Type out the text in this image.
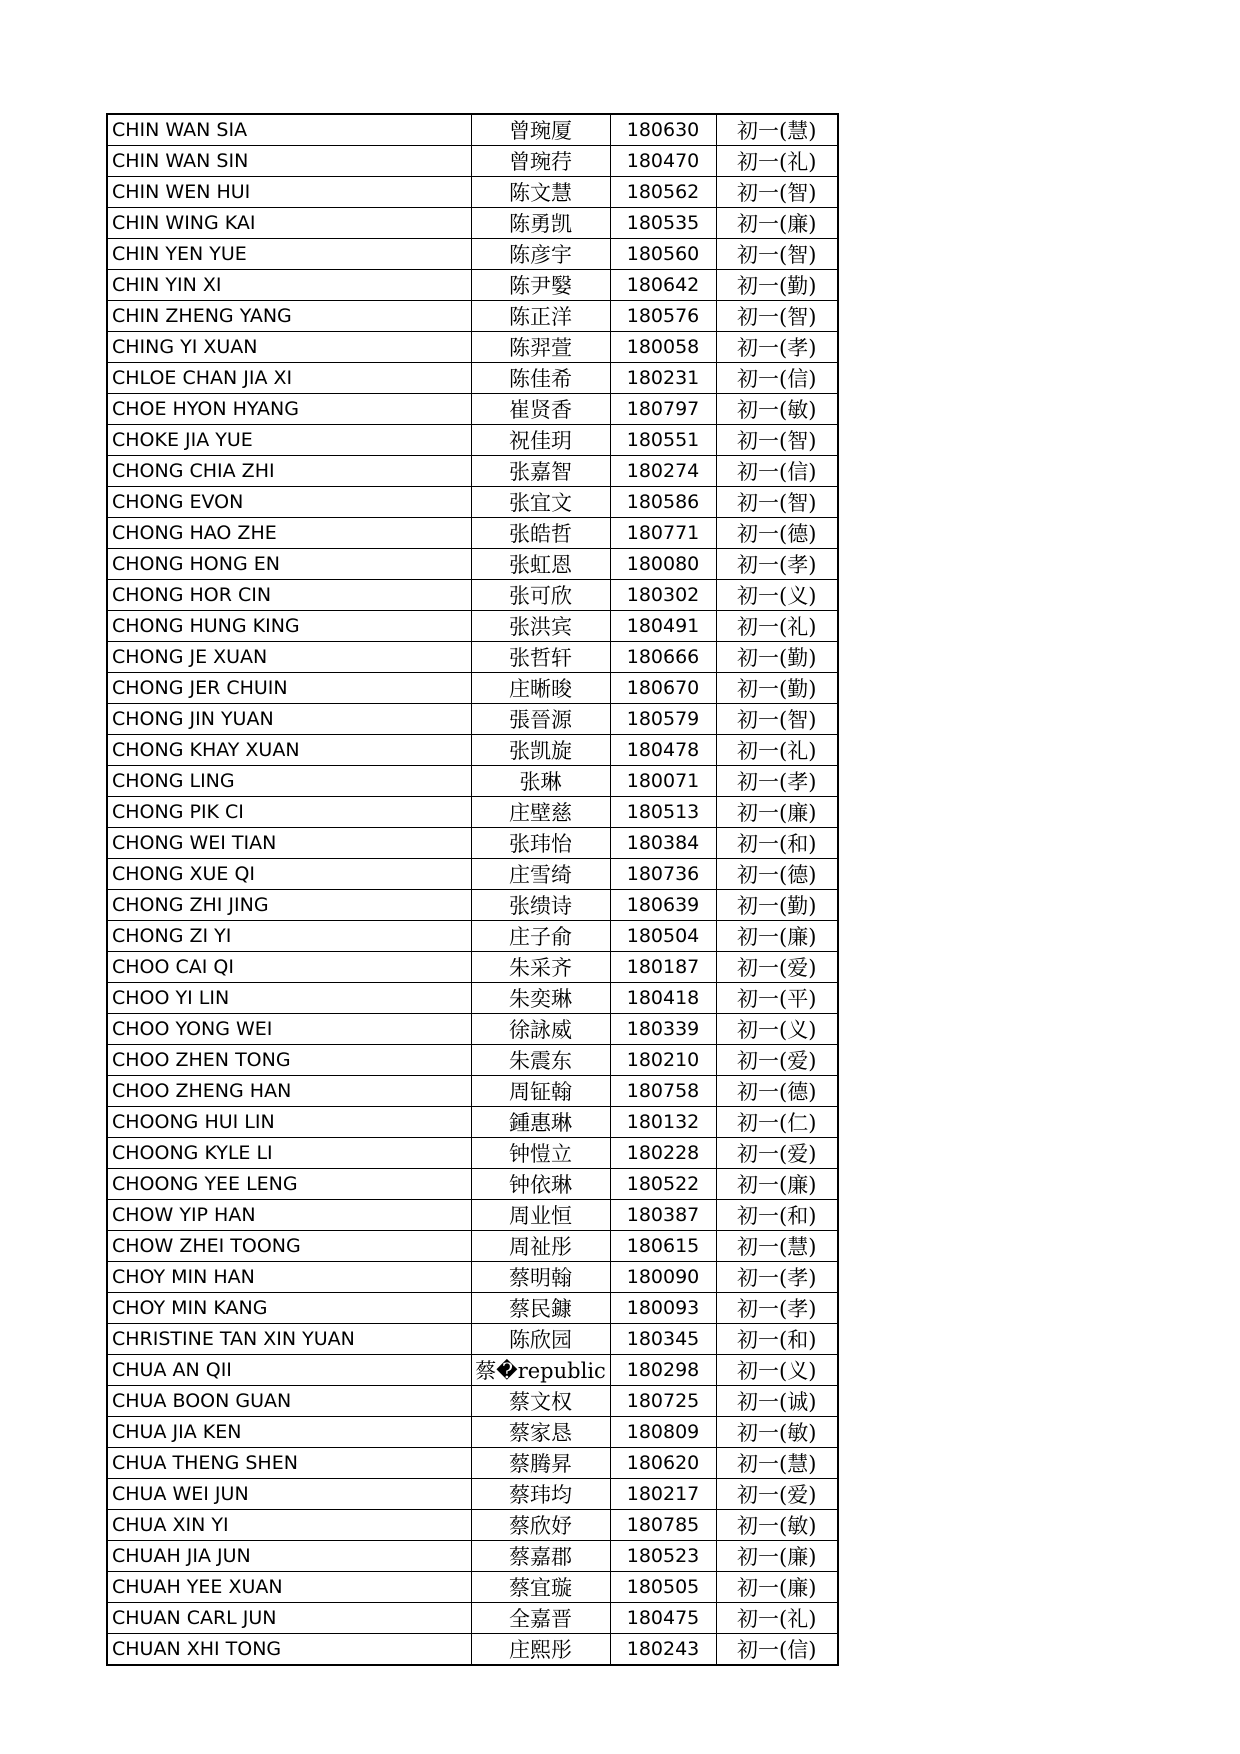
CHIN WAN SIA	曾琬厦	180630	初一(慧)
CHIN WAN SIN	曾琬荇	180470	初一(礼)
CHIN WEN HUI	陈文慧	180562	初一(智)
CHIN WING KAI	陈勇凯	180535	初一(廉)
CHIN YEN YUE	陈彦宇	180560	初一(智)
CHIN YIN XI	陈尹嫛	180642	初一(勤)
CHIN ZHENG YANG	陈正洋	180576	初一(智)
CHING YI XUAN	陈羿萱	180058	初一(孝)
CHLOE CHAN JIA XI	陈佳希	180231	初一(信)
CHOE HYON HYANG	崔贤香	180797	初一(敏)
CHOKE JIA YUE	祝佳玥	180551	初一(智)
CHONG CHIA ZHI	张嘉智	180274	初一(信)
CHONG EVON	张宜文	180586	初一(智)
CHONG HAO ZHE	张皓哲	180771	初一(德)
CHONG HONG EN	张虹恩	180080	初一(孝)
CHONG HOR CIN	张可欣	180302	初一(义)
CHONG HUNG KING	张洪宾	180491	初一(礼)
CHONG JE XUAN	张哲轩	180666	初一(勤)
CHONG JER CHUIN	庄晰晙	180670	初一(勤)
CHONG JIN YUAN	張晉源	180579	初一(智)
CHONG KHAY XUAN	张凯旋	180478	初一(礼)
CHONG LING	张琳	180071	初一(孝)
CHONG PIK CI	庄壁慈	180513	初一(廉)
CHONG WEI TIAN	张玮怡	180384	初一(和)
CHONG XUE QI	庄雪绮	180736	初一(德)
CHONG ZHI JING	张缋诗	180639	初一(勤)
CHONG ZI YI	庄子俞	180504	初一(廉)
CHOO CAI QI	朱采齐	180187	初一(爱)
CHOO YI LIN	朱奕琳	180418	初一(平)
CHOO YONG WEI	徐詠威	180339	初一(义)
CHOO ZHEN TONG	朱震东	180210	初一(爱)
CHOO ZHENG HAN	周钲翰	180758	初一(德)
CHOONG HUI LIN	鍾惠琳	180132	初一(仁)
CHOONG KYLE LI	钟愷立	180228	初一(爱)
CHOONG YEE LENG	钟依琳	180522	初一(廉)
CHOW YIP HAN	周业恒	180387	初一(和)
CHOW ZHEI TOONG	周祉彤	180615	初一(慧)
CHOY MIN HAN	蔡明翰	180090	初一(孝)
CHOY MIN KANG	蔡民鏮	180093	初一(孝)
CHRISTINE TAN XIN YUAN	陈欣园	180345	初一(和)
CHUA AN QII	蔡�republic	180298	初一(义)
CHUA BOON GUAN	蔡文权	180725	初一(诚)
CHUA JIA KEN	蔡家恳	180809	初一(敏)
CHUA THENG SHEN	蔡腾昇	180620	初一(慧)
CHUA WEI JUN	蔡玮均	180217	初一(爱)
CHUA XIN YI	蔡欣妤	180785	初一(敏)
CHUAH JIA JUN	蔡嘉郡	180523	初一(廉)
CHUAH YEE XUAN	蔡宜璇	180505	初一(廉)
CHUAN CARL JUN	全嘉晋	180475	初一(礼)
CHUAN XHI TONG	庄熙彤	180243	初一(信)
